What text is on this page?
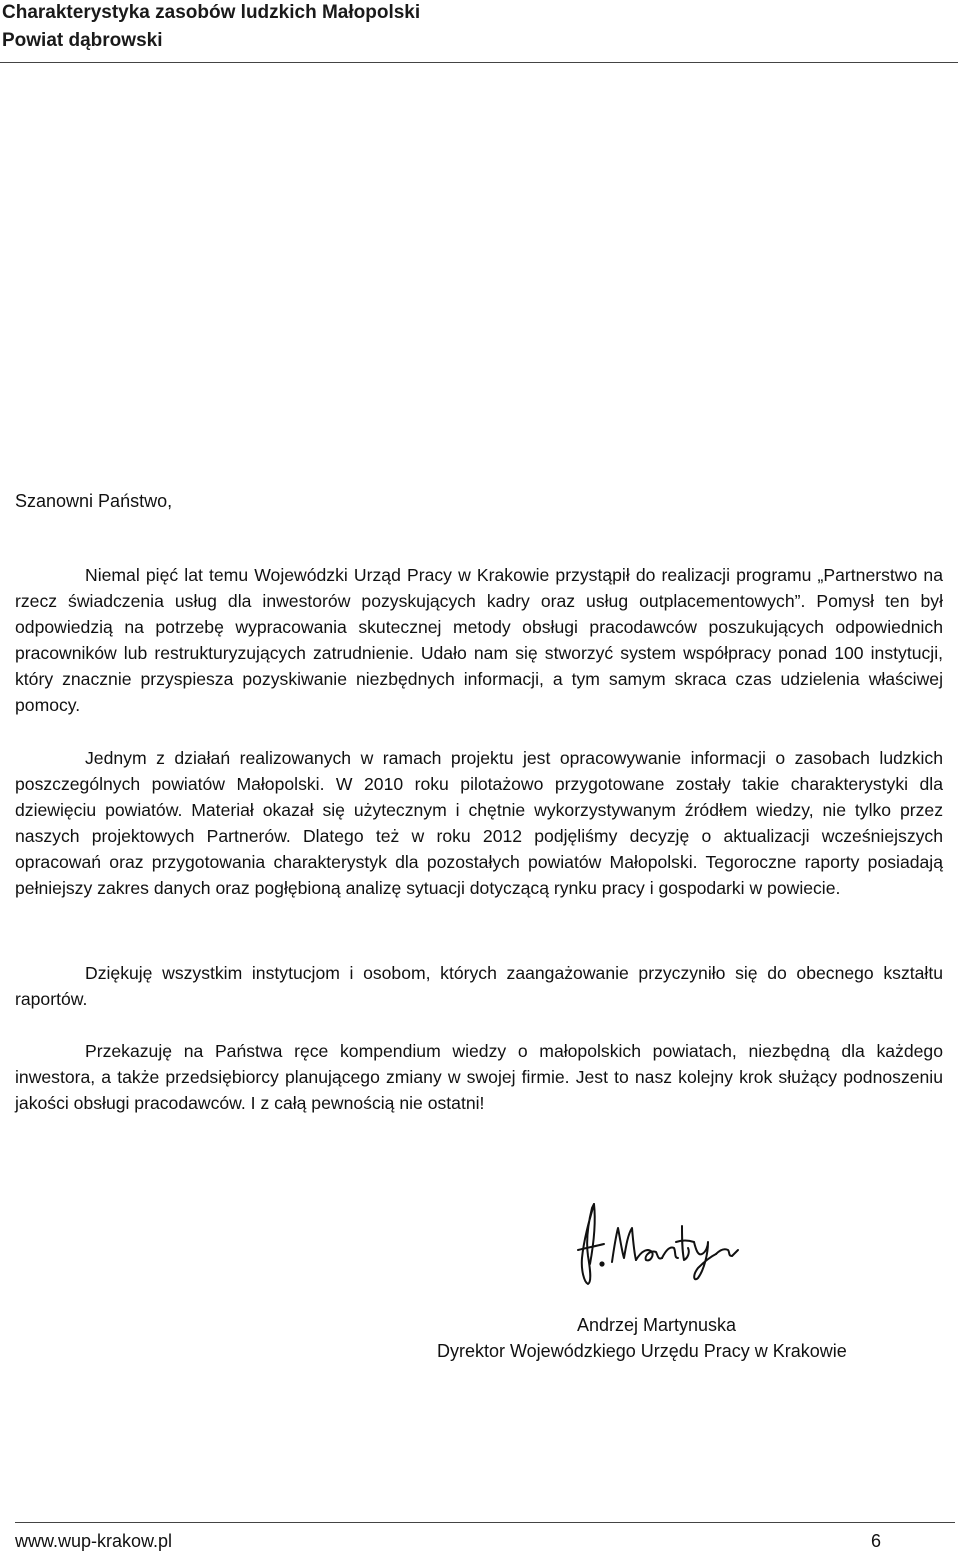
Charakterystyka zasobów ludzkich Małopolski
Powiat dąbrowski
Szanowni Państwo,

Niemal pięć lat temu Wojewódzki Urząd Pracy w Krakowie przystąpił do realizacji programu „Partnerstwo na rzecz świadczenia usług dla inwestorów pozyskujących kadry oraz usług outplacementowych”. Pomysł ten był odpowiedzią na potrzebę wypracowania skutecznej metody obsługi pracodawców poszukujących odpowiednich pracowników lub restrukturyzujących zatrudnienie. Udało nam się stworzyć system współpracy ponad 100 instytucji, który znacznie przyspiesza pozyskiwanie niezbędnych informacji, a tym samym skraca czas udzielenia właściwej pomocy.

Jednym z działań realizowanych w ramach projektu jest opracowywanie informacji o zasobach ludzkich poszczególnych powiatów Małopolski. W 2010 roku pilotażowo przygotowane zostały takie charakterystyki dla dziewięciu powiatów. Materiał okazał się użytecznym i chętnie wykorzystywanym źródłem wiedzy, nie tylko przez naszych projektowych Partnerów. Dlatego też w roku 2012 podjęliśmy decyzję o aktualizacji wcześniejszych opracowań oraz przygotowania charakterystyk dla pozostałych powiatów Małopolski. Tegoroczne raporty posiadają pełniejszy zakres danych oraz pogłębioną analizę sytuacji dotyczącą rynku pracy i gospodarki w powiecie.

Dziękuję wszystkim instytucjom i osobom, których zaangażowanie przyczyniło się do obecnego kształtu raportów.

Przekazuję na Państwa ręce kompendium wiedzy o małopolskich powiatach, niezbędną dla każdego inwestora, a także przedsiębiorcy planującego zmiany w swojej firmie. Jest to nasz kolejny krok służący podnoszeniu jakości obsługi pracodawców. I z całą pewnością nie ostatni!

Andrzej Martynuska
Dyrektor Wojewódzkiego Urzędu Pracy w Krakowie
www.wup-krakow.pl	6
